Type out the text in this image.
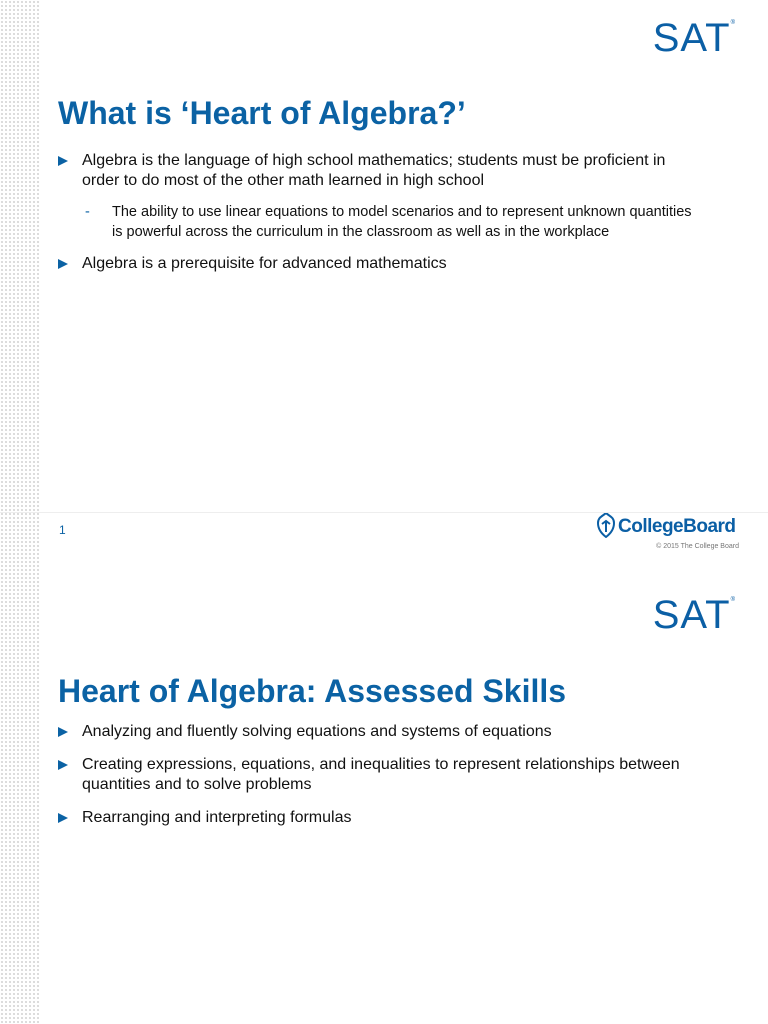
SAT®
What is ‘Heart of Algebra?’
Algebra is the language of high school mathematics; students must be proficient in order to do most of the other math learned in high school
- The ability to use linear equations to model scenarios and to represent unknown quantities is powerful across the curriculum in the classroom as well as in the workplace
Algebra is a prerequisite for advanced mathematics
1	CollegeBoard
© 2015 The College Board
SAT®
Heart of Algebra: Assessed Skills
Analyzing and fluently solving equations and systems of equations
Creating expressions, equations, and inequalities to represent relationships between quantities and to solve problems
Rearranging and interpreting formulas
